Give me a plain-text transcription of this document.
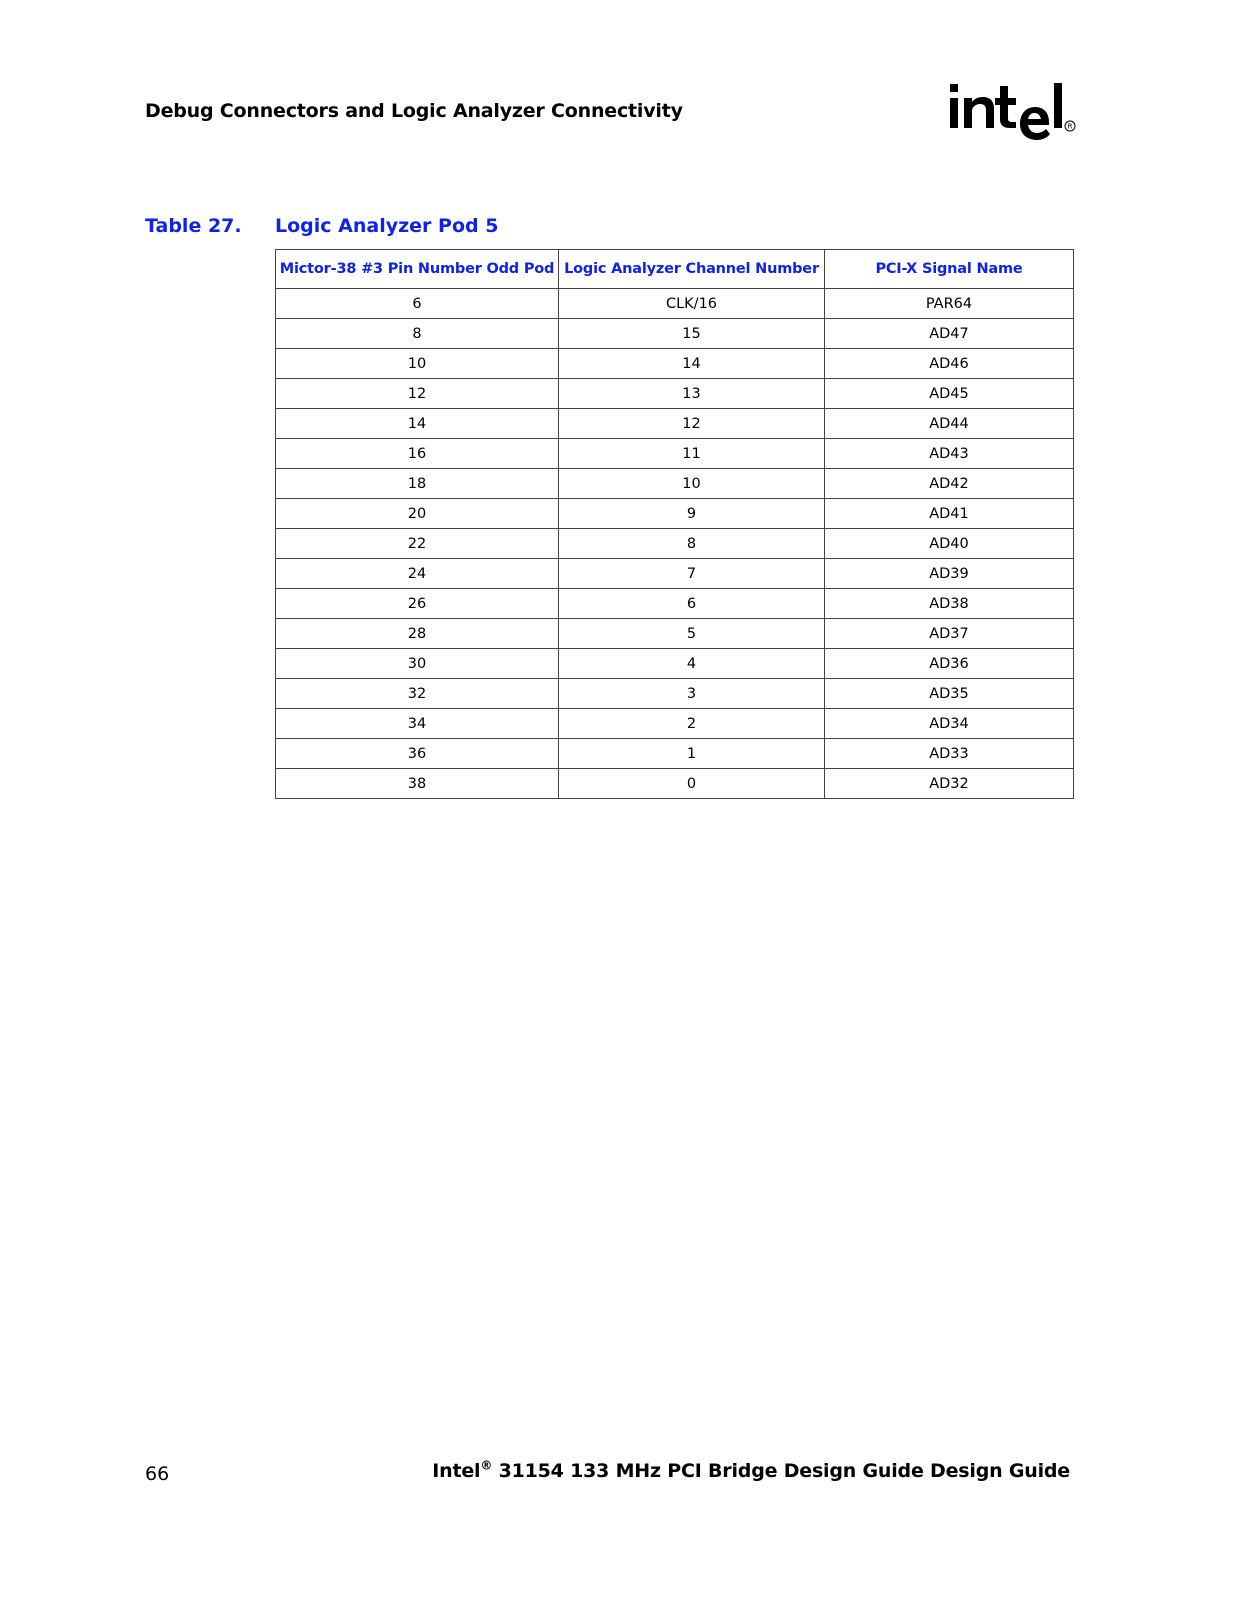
Debug Connectors and Logic Analyzer Connectivity
R
Table 27. Logic Analyzer Pod 5
Mictor-38 #3 Pin Number Odd Pod	Logic Analyzer Channel Number	PCI-X Signal Name
6	CLK/16	PAR64
8	15	AD47
10	14	AD46
12	13	AD45
14	12	AD44
16	11	AD43
18	10	AD42
20	9	AD41
22	8	AD40
24	7	AD39
26	6	AD38
28	5	AD37
30	4	AD36
32	3	AD35
34	2	AD34
36	1	AD33
38	0	AD32
66	Intel® 31154 133 MHz PCI Bridge Design Guide Design Guide
